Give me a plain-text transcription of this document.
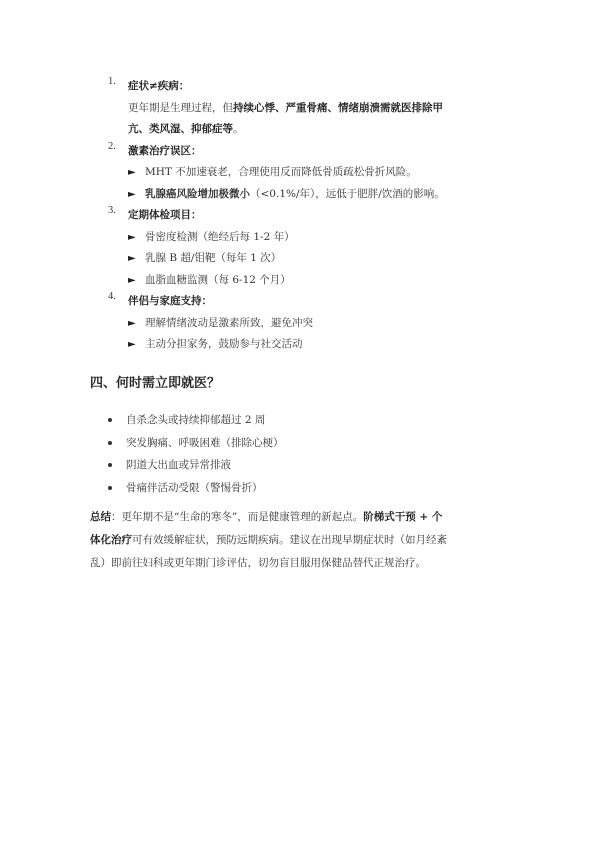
1.	症状≠疾病：
更年期是生理过程，但持续心悸、严重骨痛、情绪崩溃需就医排除甲
亢、类风湿、抑郁症等。
2.	激素治疗误区：
► MHT 不加速衰老，合理使用反而降低骨质疏松骨折风险。
► 乳腺癌风险增加极微小（<0.1%/年），远低于肥胖/饮酒的影响。
3.	定期体检项目：
► 骨密度检测（绝经后每 1-2 年）
► 乳腺 B 超/钼靶（每年 1 次）
► 血脂血糖监测（每 6-12 个月）
4.	伴侣与家庭支持：
► 理解情绪波动是激素所致，避免冲突
► 主动分担家务，鼓励参与社交活动
四、何时需立即就医？
自杀念头或持续抑郁超过 2 周
突发胸痛、呼吸困难（排除心梗）
阴道大出血或异常排液
骨痛伴活动受限（警惕骨折）
总结：更年期不是“生命的寒冬”，而是健康管理的新起点。阶梯式干预 + 个
体化治疗可有效缓解症状，预防远期疾病。建议在出现早期症状时（如月经紊
乱）即前往妇科或更年期门诊评估，切勿盲目服用保健品替代正规治疗。
